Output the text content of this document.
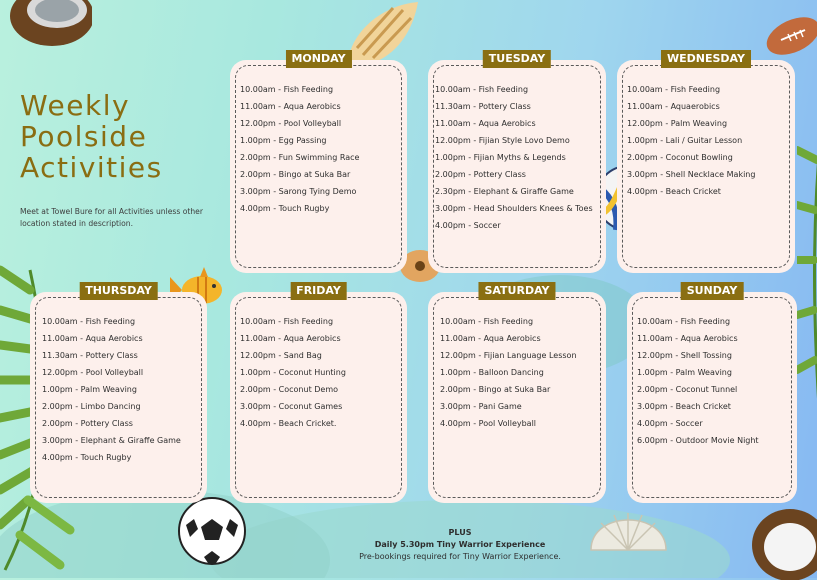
Weekly
Poolside
Activities
Meet at Towel Bure for all Activities unless other location stated in description.
MONDAY
10.00am - Fish Feeding
11.00am - Aqua Aerobics
12.00pm - Pool Volleyball
1.00pm - Egg Passing
2.00pm - Fun Swimming Race
2.00pm - Bingo at Suka Bar
3.00pm - Sarong Tying Demo
4.00pm - Touch Rugby
TUESDAY
10.00am - Fish Feeding
11.30am - Pottery Class
11.00am - Aqua Aerobics
12.00pm - Fijian Style Lovo Demo
1.00pm - Fijian Myths & Legends
2.00pm - Pottery Class
2.30pm - Elephant & Giraffe Game
3.00pm - Head Shoulders Knees & Toes
4.00pm - Soccer
WEDNESDAY
10.00am - Fish Feeding
11.00am - Aquaerobics
12.00pm - Palm Weaving
1.00pm - Lali / Guitar Lesson
2.00pm - Coconut Bowling
3.00pm - Shell Necklace Making
4.00pm - Beach Cricket
THURSDAY
10.00am - Fish Feeding
11.00am - Aqua Aerobics
11.30am - Pottery Class
12.00pm - Pool Volleyball
1.00pm - Palm Weaving
2.00pm - Limbo Dancing
2.00pm - Pottery Class
3.00pm - Elephant & Giraffe Game
4.00pm - Touch Rugby
FRIDAY
10.00am - Fish Feeding
11.00am - Aqua Aerobics
12.00pm - Sand Bag
1.00pm - Coconut Hunting
2.00pm - Coconut Demo
3.00pm - Coconut Games
4.00pm - Beach Cricket.
SATURDAY
10.00am - Fish Feeding
11.00am - Aqua Aerobics
12.00pm - Fijian Language Lesson
1.00pm - Balloon Dancing
2.00pm - Bingo at Suka Bar
3.00pm - Pani Game
4.00pm - Pool Volleyball
SUNDAY
10.00am - Fish Feeding
11.00am - Aqua Aerobics
12.00pm - Shell Tossing
1.00pm - Palm Weaving
2.00pm - Coconut Tunnel
3.00pm - Beach Cricket
4.00pm - Soccer
6.00pm - Outdoor Movie Night
PLUS
Daily 5.30pm Tiny Warrior Experience
Pre-bookings required for Tiny Warrior Experience.
